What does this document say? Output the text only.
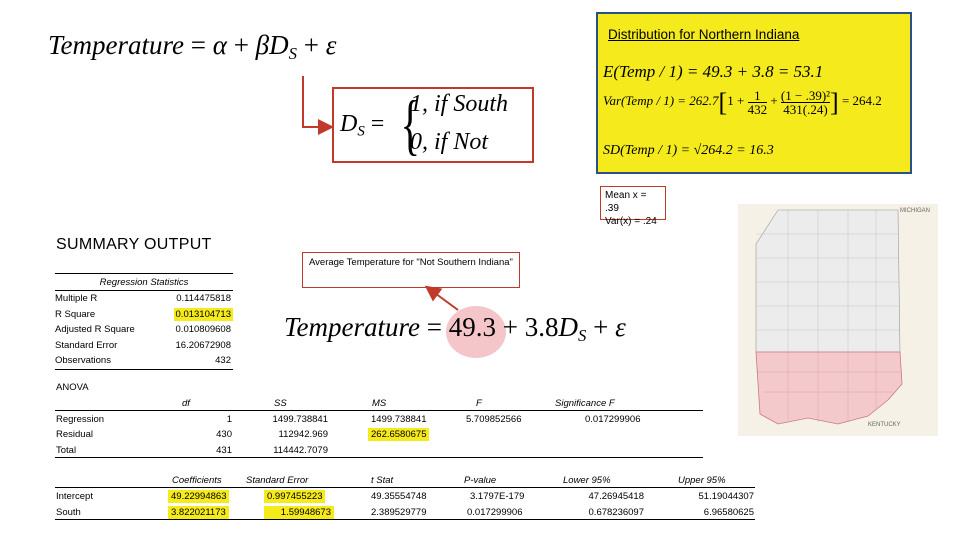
Temperature = $\alpha + \beta D_S + \varepsilon$
$D_S$ = {
1, if South
0, if Not
Distribution for Northern Indiana
E(Temp / 1) = 49.3 + 3.8 = 53.1
Var(Temp / $1) = 262.7[1 + \frac{1}{432} + \frac{\text{(1 − .39)²}}{431(.24)}$ ] = 264.2
SD(Temp / 1) = √264.2 = 16.3
Mean x = .39
Var(x) = .24
Average Temperature for "Not Southern Indiana"
SUMMARY OUTPUT
Regression Statistics
Multiple R	0.114475818
R Square	0.013104713
Adjusted R Square	0.010809608
Standard Error	16.20672908
Observations	432
Temperature = $49.3 + 3.8D_S + \varepsilon$
ANOVA
df	SS	MS	F	Significance F
Regression	1	1499.738841	1499.738841	5.709852566	0.017299906
Residual	430	112942.969	262.6580675
Total	431	114442.7079
Coefficients	Standard Error	t Stat	P-value	Lower 95%	Upper 95%
Intercept	49.22994863	0.997455223	49.35554748	3.1797E-179	47.26945418	51.19044307
South	3.822021173	1.59948673	2.389529779	0.017299906	0.678236097	6.96580625
MICHIGAN
KENTUCKY
